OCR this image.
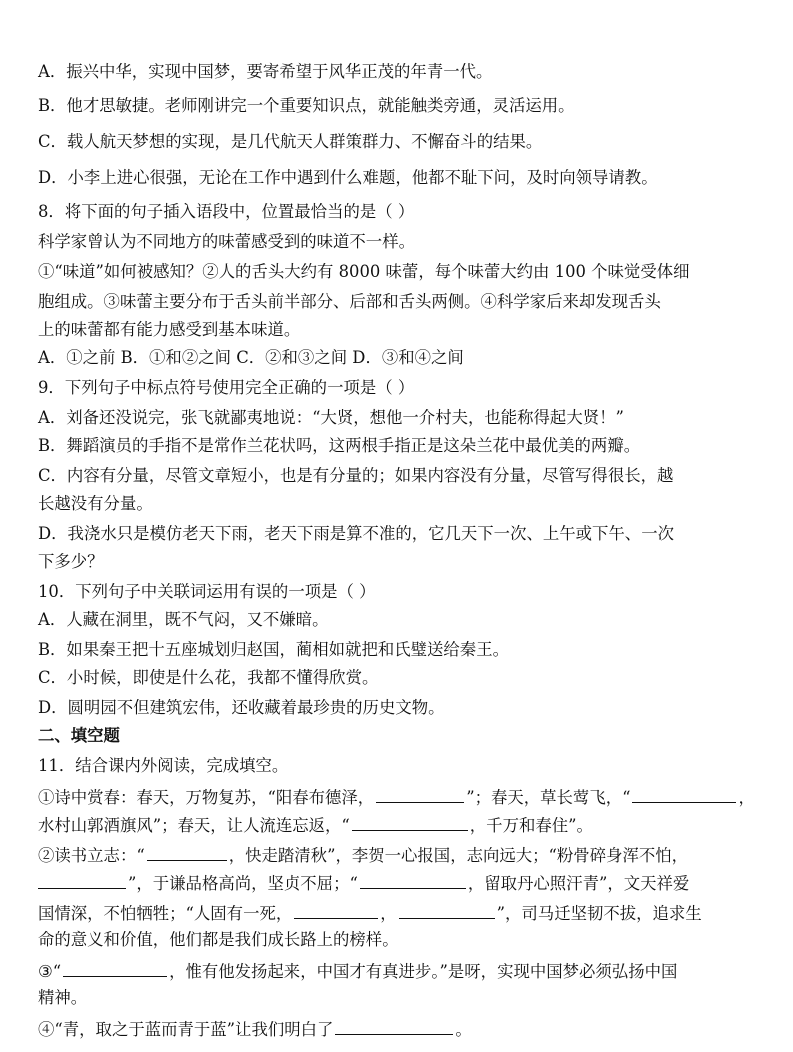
A．振兴中华，实现中国梦，要寄希望于风华正茂的年青一代。
B．他才思敏捷。老师刚讲完一个重要知识点，就能触类旁通，灵活运用。
C．载人航天梦想的实现，是几代航天人群策群力、不懈奋斗的结果。
D．小李上进心很强，无论在工作中遇到什么难题，他都不耻下问，及时向领导请教。
8．将下面的句子插入语段中，位置最恰当的是（ ）
科学家曾认为不同地方的味蕾感受到的味道不一样。
①“味道”如何被感知？②人的舌头大约有 8000 味蕾，每个味蕾大约由 100 个味觉受体细
胞组成。③味蕾主要分布于舌头前半部分、后部和舌头两侧。④科学家后来却发现舌头
上的味蕾都有能力感受到基本味道。
A．①之前 B．①和②之间 C．②和③之间 D．③和④之间
9．下列句子中标点符号使用完全正确的一项是（ ）
A．刘备还没说完，张飞就鄙夷地说：“大贤，想他一介村夫，也能称得起大贤！”
B．舞蹈演员的手指不是常作兰花状吗，这两根手指正是这朵兰花中最优美的两瓣。
C．内容有分量，尽管文章短小，也是有分量的；如果内容没有分量，尽管写得很长，越
长越没有分量。
D．我浇水只是模仿老天下雨，老天下雨是算不准的，它几天下一次、上午或下午、一次
下多少？
10．下列句子中关联词运用有误的一项是（ ）
A．人藏在洞里，既不气闷，又不嫌暗。
B．如果秦王把十五座城划归赵国，蔺相如就把和氏璧送给秦王。
C．小时候，即使是什么花，我都不懂得欣赏。
D．圆明园不但建筑宏伟，还收藏着最珍贵的历史文物。
二、填空题
11．结合课内外阅读，完成填空。
①诗中赏春：春天，万物复苏，“阳春布德泽，	”；春天，草长莺飞，“	，
水村山郭酒旗风”；春天，让人流连忘返，“	，千万和春住”。
②读书立志：“	，快走踏清秋”，李贺一心报国，志向远大；“粉骨碎身浑不怕，
”，于谦品格高尚，坚贞不屈；“	，留取丹心照汗青”，文天祥爱
国情深，不怕牺牲；“人固有一死，	，	”，司马迁坚韧不拔，追求生
命的意义和价值，他们都是我们成长路上的榜样。
③“	，惟有他发扬起来，中国才有真进步。”是呀，实现中国梦必须弘扬中国
精神。
④“青，取之于蓝而青于蓝”让我们明白了	。
